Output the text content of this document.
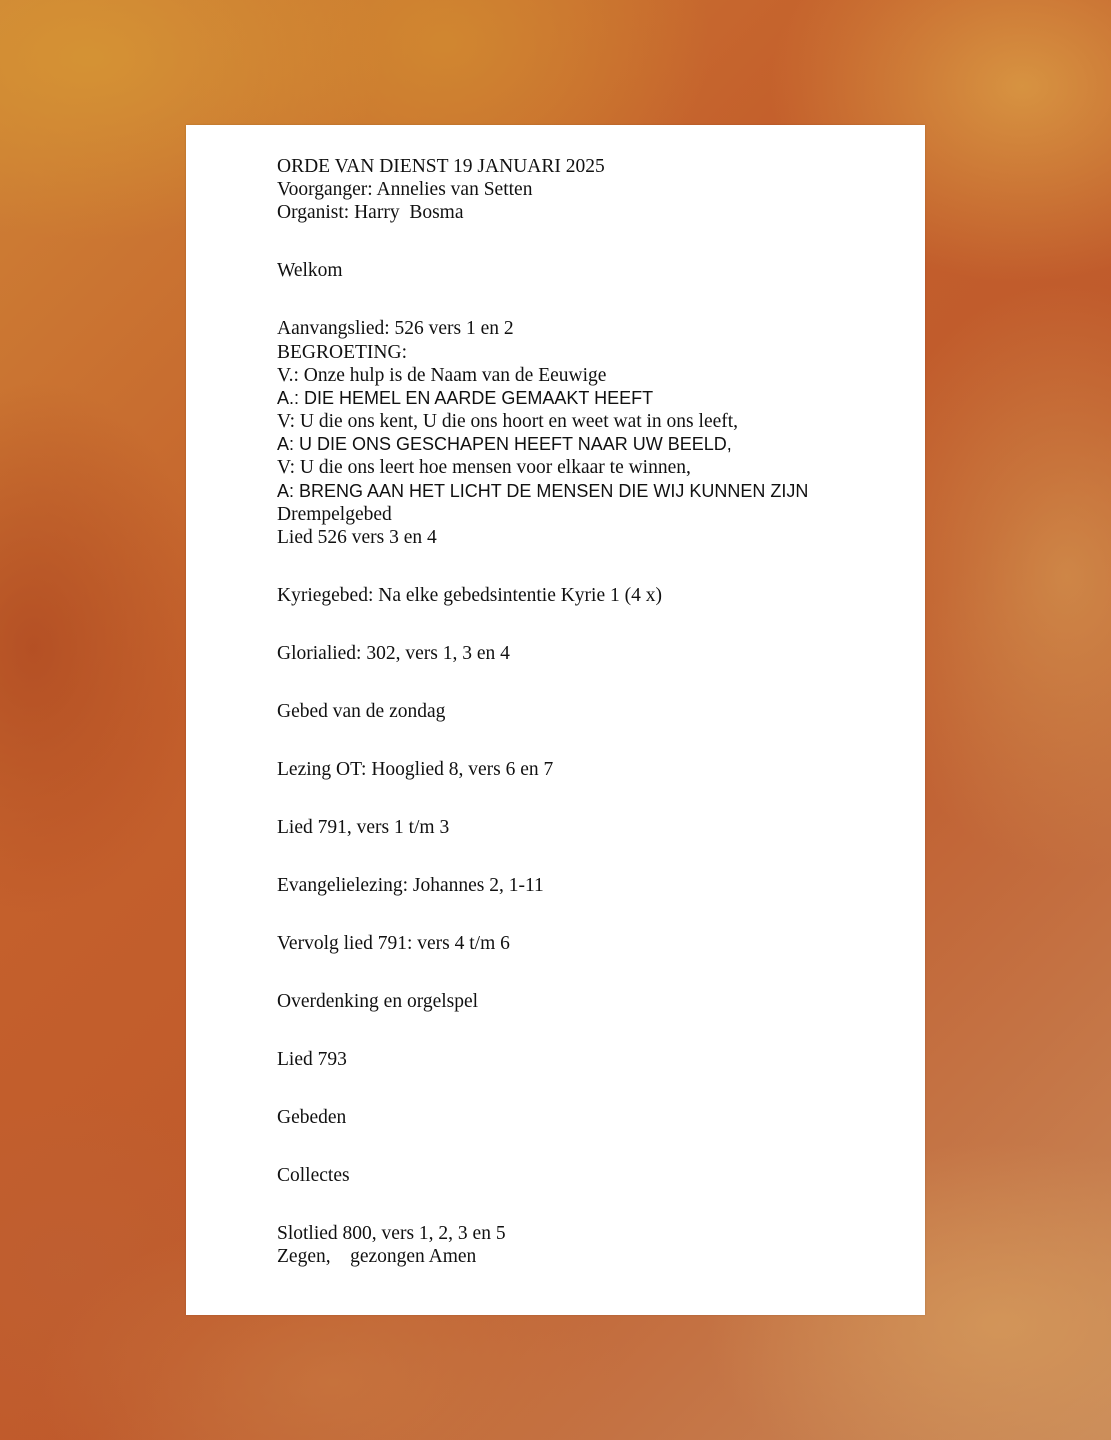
ORDE VAN DIENST 19 JANUARI 2025

Voorganger: Annelies van Setten

Organist: Harry  Bosma

Welkom

Aanvangslied: 526 vers 1 en 2

BEGROETING:

V.: Onze hulp is de Naam van de Eeuwige

A.: DIE HEMEL EN AARDE GEMAAKT HEEFT

V: U die ons kent, U die ons hoort en weet wat in ons leeft,

A: U DIE ONS GESCHAPEN HEEFT NAAR UW BEELD,

V: U die ons leert hoe mensen voor elkaar te winnen,

A: BRENG AAN HET LICHT DE MENSEN DIE WIJ KUNNEN ZIJN

Drempelgebed

Lied 526 vers 3 en 4

Kyriegebed: Na elke gebedsintentie Kyrie 1 (4 x)

Glorialied: 302, vers 1, 3 en 4

Gebed van de zondag

Lezing OT: Hooglied 8, vers 6 en 7

Lied 791, vers 1 t/m 3

Evangelielezing: Johannes 2, 1-11

Vervolg lied 791: vers 4 t/m 6

Overdenking en orgelspel

Lied 793

Gebeden

Collectes

Slotlied 800, vers 1, 2, 3 en 5

Zegen,    gezongen Amen
